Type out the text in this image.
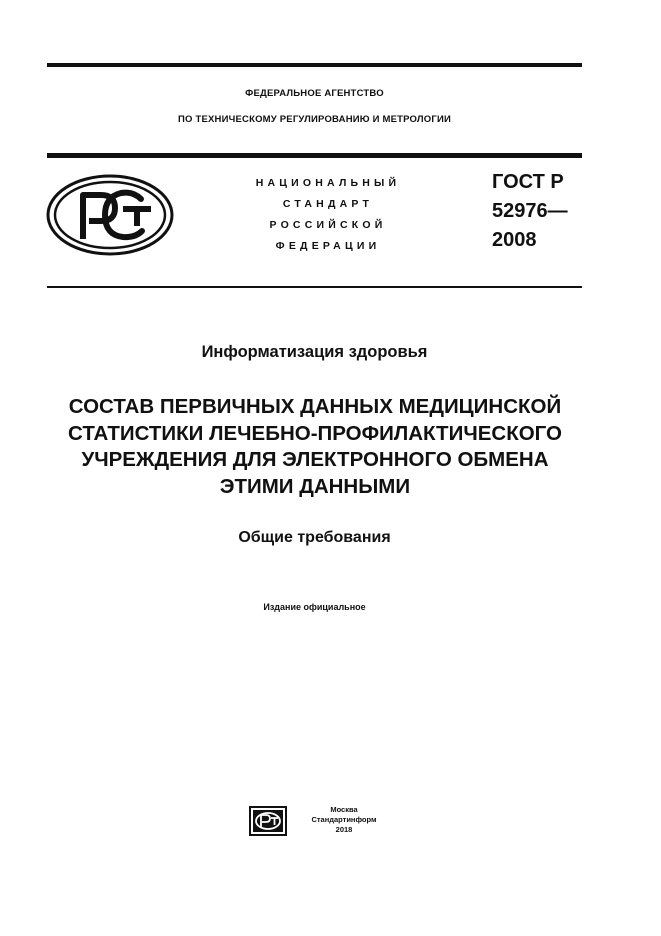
ФЕДЕРАЛЬНОЕ АГЕНТСТВО
ПО ТЕХНИЧЕСКОМУ РЕГУЛИРОВАНИЮ И МЕТРОЛОГИИ
НАЦИОНАЛЬНЫЙ
СТАНДАРТ
РОССИЙСКОЙ
ФЕДЕРАЦИИ
ГОСТ Р
52976—
2008
Информатизация здоровья
СОСТАВ ПЕРВИЧНЫХ ДАННЫХ МЕДИЦИНСКОЙ
СТАТИСТИКИ ЛЕЧЕБНО-ПРОФИЛАКТИЧЕСКОГО
УЧРЕЖДЕНИЯ ДЛЯ ЭЛЕКТРОННОГО ОБМЕНА
ЭТИМИ ДАННЫМИ
Общие требования
Издание официальное
Москва
Стандартинформ
2018
